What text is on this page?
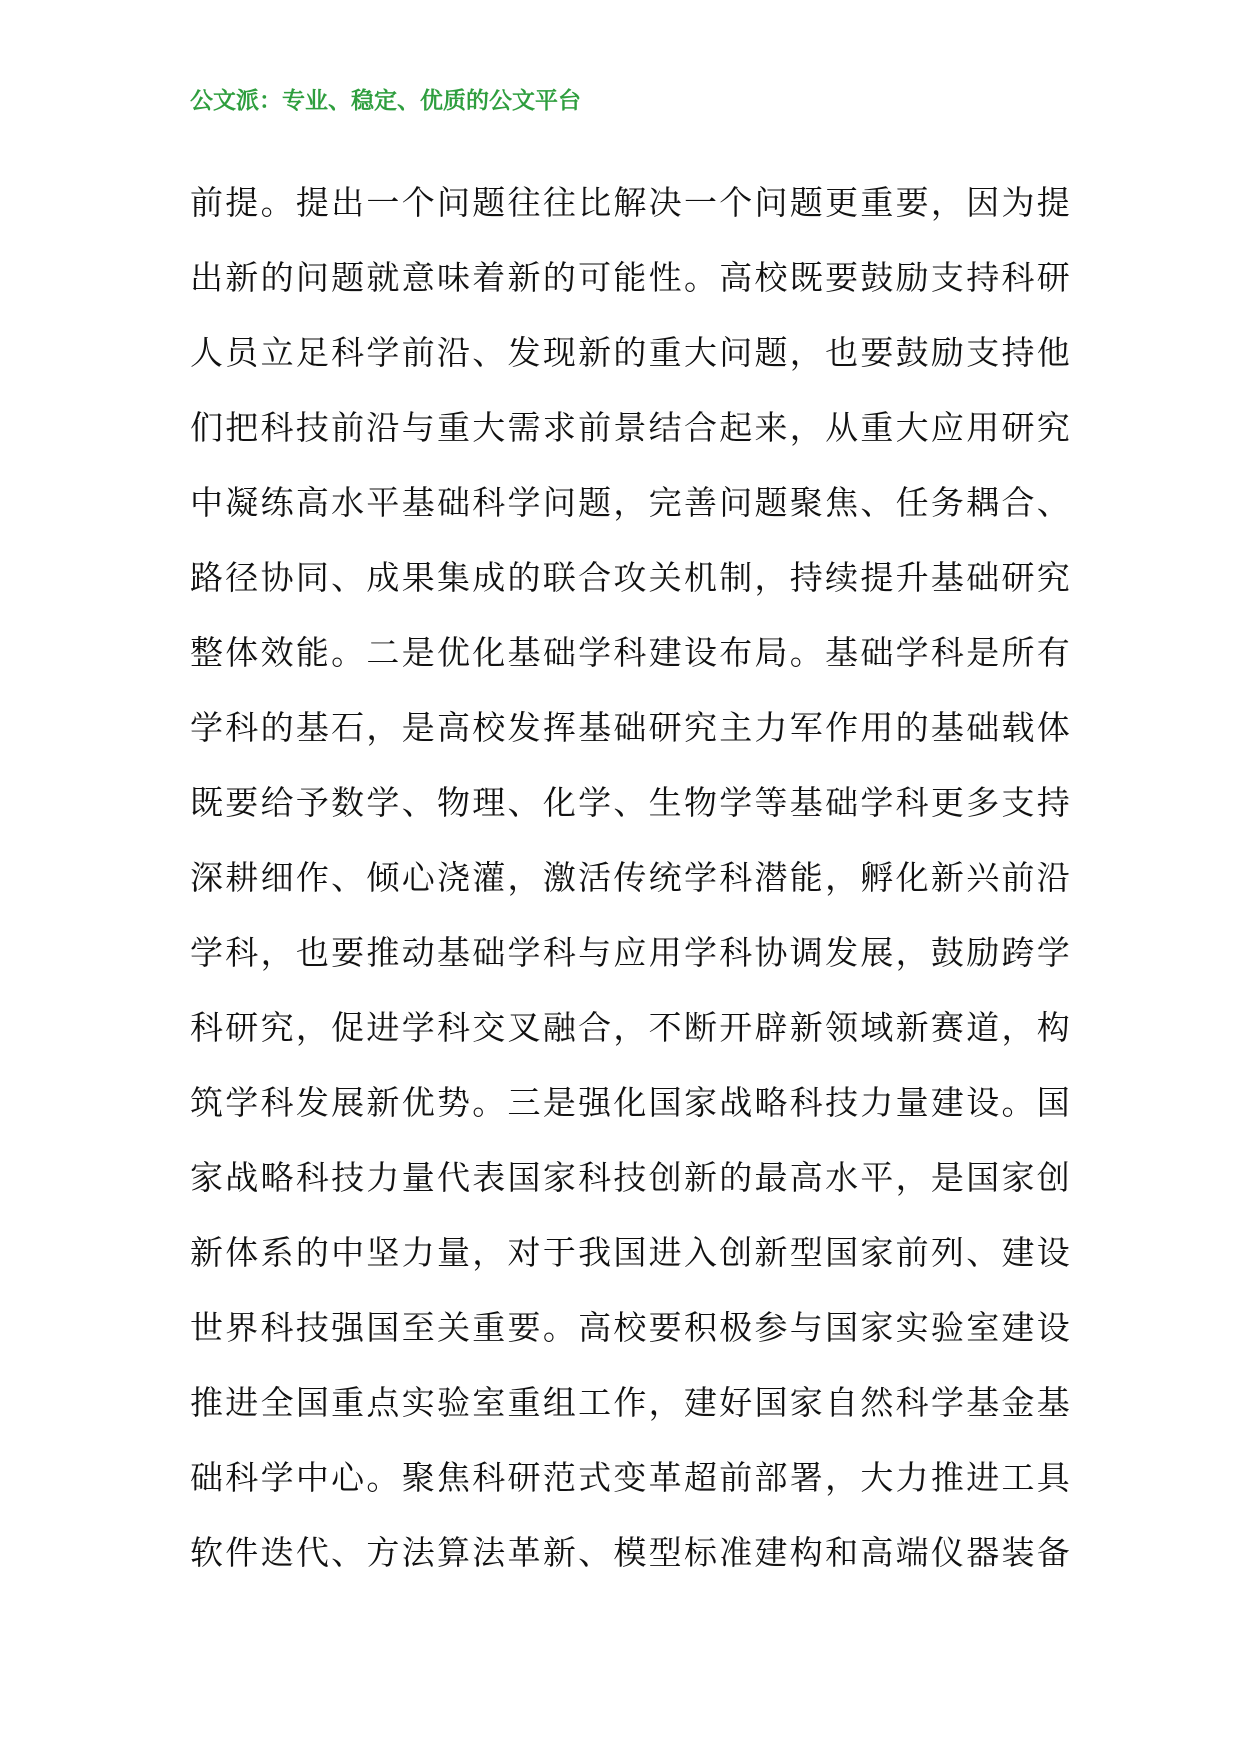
公文派：专业、稳定、优质的公文平台
前 提 。 提 出 一 个 问 题 往 往 比 解 决 一 个 问 题 更 重 要 ， 因 为 提
出 新 的 问 题 就 意 味 着 新 的 可 能 性 。 高 校 既 要 鼓 励 支 持 科 研
人 员 立 足 科 学 前 沿 、 发 现 新 的 重 大 问 题 ， 也 要 鼓 励 支 持 他
们 把 科 技 前 沿 与 重 大 需 求 前 景 结 合 起 来 ， 从 重 大 应 用 研 究
中 凝 练 高 水 平 基 础 科 学 问 题 ， 完 善 问 题 聚 焦 、 任 务 耦 合 、
路 径 协 同 、 成 果 集 成 的 联 合 攻 关 机 制 ， 持 续 提 升 基 础 研 究
整 体 效 能 。 二 是 优 化 基 础 学 科 建 设 布 局 。 基 础 学 科 是 所 有
学 科 的 基 石 ， 是 高 校 发 挥 基 础 研 究 主 力 军 作 用 的 基 础 载 体
既 要 给 予 数 学 、 物 理 、 化 学 、 生 物 学 等 基 础 学 科 更 多 支 持
深 耕 细 作 、 倾 心 浇 灌 ， 激 活 传 统 学 科 潜 能 ， 孵 化 新 兴 前 沿
学 科 ， 也 要 推 动 基 础 学 科 与 应 用 学 科 协 调 发 展 ， 鼓 励 跨 学
科 研 究 ， 促 进 学 科 交 叉 融 合 ， 不 断 开 辟 新 领 域 新 赛 道 ， 构
筑 学 科 发 展 新 优 势 。 三 是 强 化 国 家 战 略 科 技 力 量 建 设 。 国
家 战 略 科 技 力 量 代 表 国 家 科 技 创 新 的 最 高 水 平 ， 是 国 家 创
新 体 系 的 中 坚 力 量 ， 对 于 我 国 进 入 创 新 型 国 家 前 列 、 建 设
世 界 科 技 强 国 至 关 重 要 。 高 校 要 积 极 参 与 国 家 实 验 室 建 设
推 进 全 国 重 点 实 验 室 重 组 工 作 ， 建 好 国 家 自 然 科 学 基 金 基
础 科 学 中 心 。 聚 焦 科 研 范 式 变 革 超 前 部 署 ， 大 力 推 进 工 具
软 件 迭 代 、 方 法 算 法 革 新 、 模 型 标 准 建 构 和 高 端 仪 器 装 备
